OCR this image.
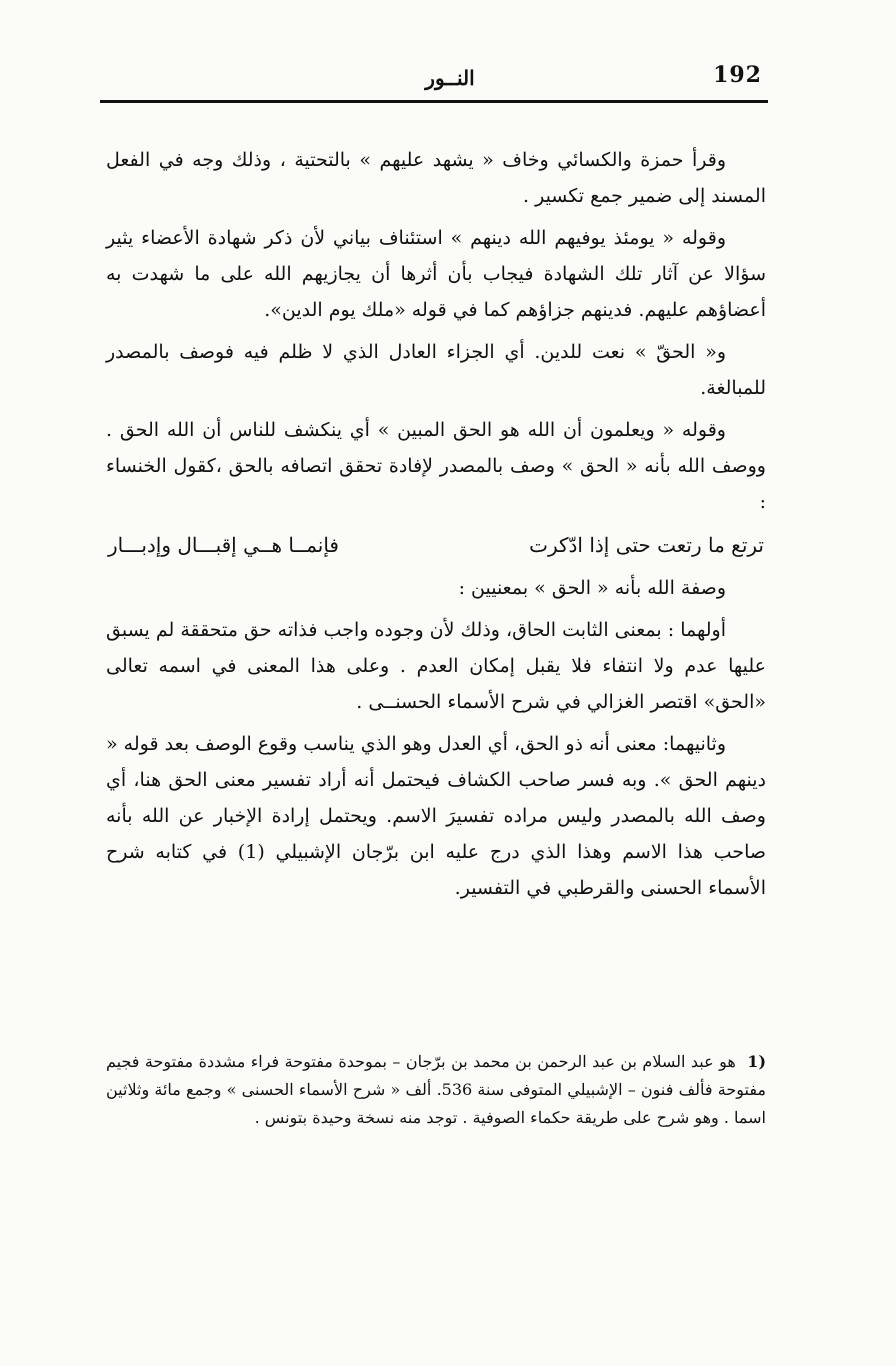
192
النــور

وقرأ حمزة والكسائي وخاف « يشهد عليهم » بالتحتية ، وذلك وجه في الفعل المسند إلى ضمير جمع تكسير .

وقوله « يومئذ يوفيهم الله دينهم » استئناف بياني لأن ذكر شهادة الأعضاء يثير سؤالا عن آثار تلك الشهادة فيجاب بأن أثرها أن يجازيهم الله على ما شهدت به أعضاؤهم عليهم. فدينهم جزاؤهم كما في قوله «ملك يوم الدين».

و« الحقّ » نعت للدين. أي الجزاء العادل الذي لا ظلم فيه فوصف بالمصدر للمبالغة.

وقوله « ويعلمون أن الله هو الحق المبين » أي ينكشف للناس أن الله الحق . ووصف الله بأنه « الحق » وصف بالمصدر لإفادة تحقق اتصافه بالحق ،كقول الخنساء :

ترتع ما رتعت حتى إذا ادّكرت
فإنمــا هــي إقبـــال وإدبـــار

وصفة الله بأنه « الحق » بمعنيين :

أولهما : بمعنى الثابت الحاق، وذلك لأن وجوده واجب فذاته حق متحققة لم يسبق عليها عدم ولا انتفاء فلا يقبل إمكان العدم . وعلى هذا المعنى في اسمه تعالى «الحق» اقتصر الغزالي في شرح الأسماء الحسنــى .

وثانيهما: معنى أنه ذو الحق، أي العدل وهو الذي يناسب وقوع الوصف بعد قوله « دينهم الحق ». وبه فسر صاحب الكشاف فيحتمل أنه أراد تفسير معنى الحق هنا، أي وصف الله بالمصدر وليس مراده تفسيرَ الاسم. ويحتمل إرادة الإخبار عن الله بأنه صاحب هذا الاسم وهذا الذي درج عليه ابن برّجان الإشبيلي (1) في كتابه شرح الأسماء الحسنى والقرطبي في التفسير.

(1 هو عبد السلام بن عبد الرحمن بن محمد بن برّجان – بموحدة مفتوحة فراء مشددة مفتوحة فجيم مفتوحة فألف فنون – الإشبيلي المتوفى سنة 536. ألف « شرح الأسماء الحسنى » وجمع مائة وثلاثين اسما . وهو شرح على طريقة حكماء الصوفية . توجد منه نسخة وحيدة بتونس .
